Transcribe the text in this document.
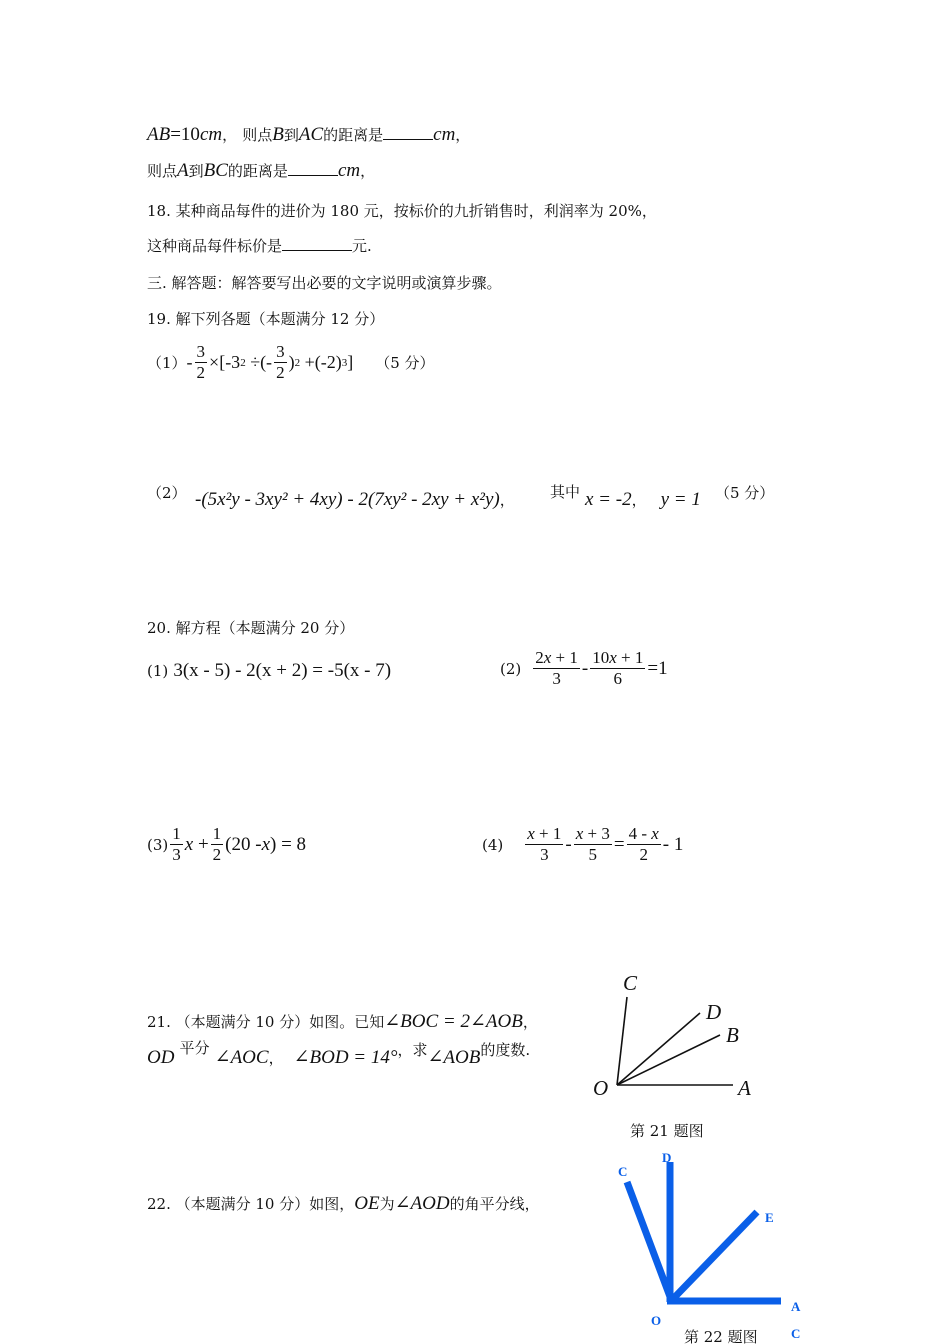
AB=10cm， 则点B到AC的距离是	cm，
则点A到BC的距离是	cm，
18. 某种商品每件的进价为 180 元，按标价的九折销售时，利润率为 20%，
这种商品每件标价是	元.
三. 解答题：解答要写出必要的文字说明或演算步骤。
19. 解下列各题（本题满分 12 分）
$(1) - \frac{3}{2} \times[-3$ 2 ÷(- $\frac{3}{2}$ ) 2 +(-2) 3 ] （5 分）
（2） -(5x²y - 3xy² + 4xy) - 2(7xy² - 2xy + x²y)， 其中 x = -2， y = 1 （5 分）
20. 解方程（本题满分 20 分）
(1) 3(x - 5) - 2(x + 2) = -5(x - 7)	$(2) \frac{2x + 1}{3} - \frac{10x + 1}{6} =1$
$(3) \frac{1}{3}$ $x + \frac{1}{2} (20 - x$ ) = 8	$(4) \frac{x + 1}{3} - \frac{x + 3}{5} = \frac{4 - x}{2} - 1$
21. （本题满分 10 分）如图。已知∠BOC = 2∠AOB，
OD 平分 ∠AOC， ∠BOD = 14°，求∠AOB的度数.
C
D
B
O	A
第 21 题图
22. （本题满分 10 分）如图，OE为∠AOD的角平分线，
C
D
E
O
A
C
第 22 题图
